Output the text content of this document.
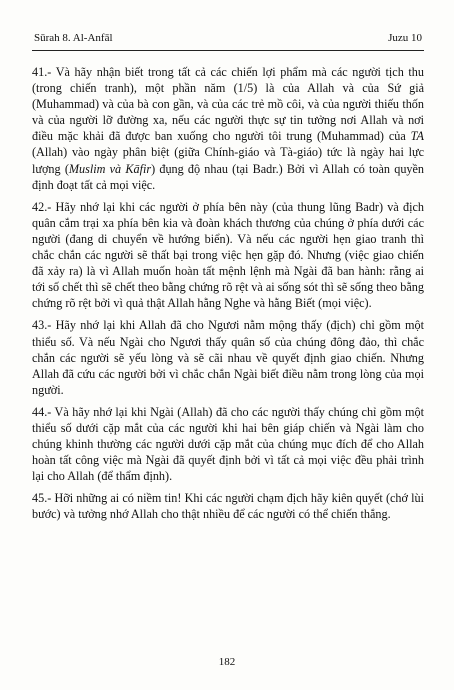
Sūrah 8. Al-Anfāl	Juzu 10

41.- Và hãy nhận biết trong tất cả các chiến lợi phẩm mà các người tịch thu (trong chiến tranh), một phần năm (1/5) là của Allah và của Sứ giả (Muhammad) và của bà con gần, và của các trẻ mồ côi, và của người thiếu thốn và của người lỡ đường xa, nếu các người thực sự tin tưởng nơi Allah và nơi điều mặc khải đã được ban xuống cho người tôi trung (Muhammad) của TA (Allah) vào ngày phân biệt (giữa Chính-giáo và Tà-giáo) tức là ngày hai lực lượng (Muslim và Kāfir) đụng độ nhau (tại Badr.) Bởi vì Allah có toàn quyền định đoạt tất cả mọi việc.

42.- Hãy nhớ lại khi các người ở phía bên này (của thung lũng Badr) và địch quân cắm trại xa phía bên kia và đoàn khách thương của chúng ở phía dưới các người (đang di chuyển về hướng biển). Và nếu các người hẹn giao tranh thì chắc chắn các người sẽ thất bại trong việc hẹn gặp đó. Nhưng (việc giao chiến đã xảy ra) là vì Allah muốn hoàn tất mệnh lệnh mà Ngài đã ban hành: rằng ai tới số chết thì sẽ chết theo bằng chứng rõ rệt và ai sống sót thì sẽ sống theo bằng chứng rõ rệt bởi vì quả thật Allah hằng Nghe và hằng Biết (mọi việc).

43.- Hãy nhớ lại khi Allah đã cho Ngươi nằm mộng thấy (địch) chỉ gồm một thiểu số. Và nếu Ngài cho Ngươi thấy quân số của chúng đông đảo, thì chắc chắn các người sẽ yếu lòng và sẽ cãi nhau về quyết định giao chiến. Nhưng Allah đã cứu các người bởi vì chắc chắn Ngài biết điều nằm trong lòng của mọi người.

44.- Và hãy nhớ lại khi Ngài (Allah) đã cho các người thấy chúng chỉ gồm một thiểu số dưới cặp mắt của các người khi hai bên giáp chiến và Ngài làm cho chúng khinh thường các người dưới cặp mắt của chúng mục đích để cho Allah hoàn tất công việc mà Ngài đã quyết định bởi vì tất cả mọi việc đều phải trình lại cho Allah (để thẩm định).

45.- Hỡi những ai có niềm tin! Khi các người chạm địch hãy kiên quyết (chớ lùi bước) và tưởng nhớ Allah cho thật nhiều để các người có thể chiến thắng.

182
